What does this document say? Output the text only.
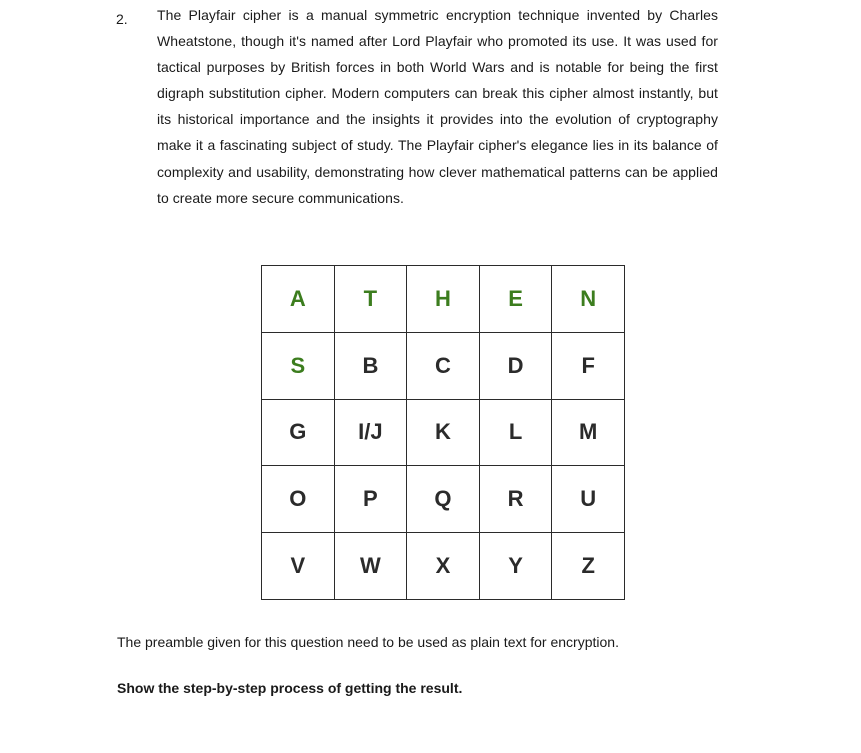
2. The Playfair cipher is a manual symmetric encryption technique invented by Charles Wheatstone, though it's named after Lord Playfair who promoted its use. It was used for tactical purposes by British forces in both World Wars and is notable for being the first digraph substitution cipher. Modern computers can break this cipher almost instantly, but its historical importance and the insights it provides into the evolution of cryptography make it a fascinating subject of study. The Playfair cipher's elegance lies in its balance of complexity and usability, demonstrating how clever mathematical patterns can be applied to create more secure communications.
A	T	H	E	N
S	B	C	D	F
G	I/J	K	L	M
O	P	Q	R	U
V	W	X	Y	Z
The preamble given for this question need to be used as plain text for encryption.
Show the step-by-step process of getting the result.
